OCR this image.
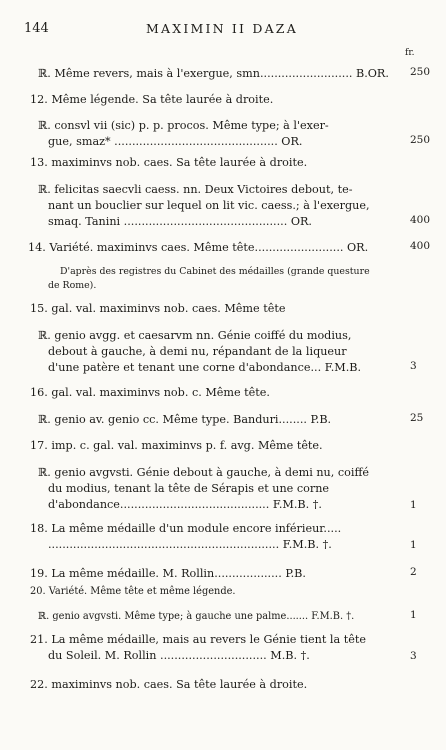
144	MAXIMIN II DAZA
fr.
ℝ. Même revers, mais à l'exergue, smn.......................... B.OR. 250
12. Même légende. Sa tête laurée à droite.
ℝ. consvl vii (sic) p. p. procos. Même type; à l'exer-
gue, smaz* .............................................. OR.	250
13. maximinvs nob. caes. Sa tête laurée à droite.
ℝ. felicitas saecvli caess. nn. Deux Victoires debout, te-
nant un bouclier sur lequel on lit vic. caess.; à l'exergue,
smaq. Tanini .............................................. OR.	400
14. Variété. maximinvs caes. Même tête......................... OR.	400
D'après des registres du Cabinet des médailles (grande questure
de Rome).
15. gal. val. maximinvs nob. caes. Même tête
ℝ. genio avgg. et caesarvm nn. Génie coiffé du modius,
debout à gauche, à demi nu, répandant de la liqueur
d'une patère et tenant une corne d'abondance... F.M.B.	3
16. gal. val. maximinvs nob. c. Même tête.
ℝ. genio av. genio cc. Même type. Banduri........ P.B.	25
17. imp. c. gal. val. maximinvs p. f. avg. Même tête.
ℝ. genio avgvsti. Génie debout à gauche, à demi nu, coiffé
du modius, tenant la tête de Sérapis et une corne
d'abondance.......................................... F.M.B. †.	1
18. La même médaille d'un module encore inférieur.....
................................................................. F.M.B. †.	1
19. La même médaille. M. Rollin................... P.B.	2
20. Variété. Même tête et même légende.
ℝ. genio avgvsti. Même type; à gauche une palme....... F.M.B. †.	1
21. La même médaille, mais au revers le Génie tient la tête
du Soleil. M. Rollin .............................. M.B. †.	3
22. maximinvs nob. caes. Sa tête laurée à droite.
